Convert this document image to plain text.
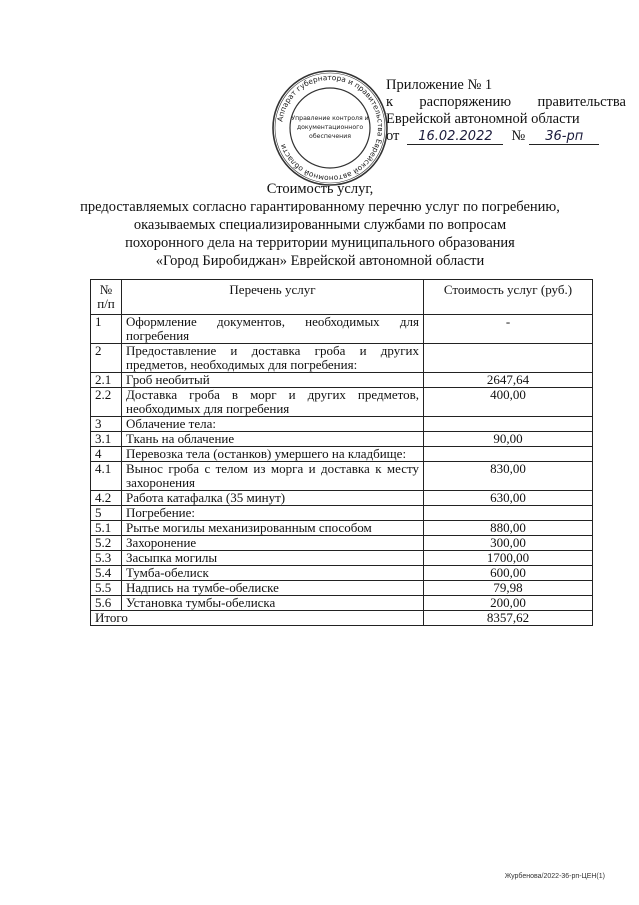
Аппарат губернатора и правительства Еврейской автономной области
Управление контроля и
документационного
обеспечения
Приложение № 1
к распоряжению правительства
Еврейской автономной области
от	16.02.2022	№	36-рп
Стоимость услуг,
предоставляемых согласно гарантированному перечню услуг по погребению,
оказываемых специализированными службами по вопросам
похоронного дела на территории муниципального образования
«Город Биробиджан» Еврейской автономной области
№ п/п	Перечень услуг	Стоимость услуг (руб.)
1	Оформление документов, необходимых для погребения	-
2	Предоставление и доставка гроба и других предметов, необходимых для погребения:	
2.1	Гроб необитый	2647,64
2.2	Доставка гроба в морг и других предметов, необходимых для погребения	400,00
3	Облачение тела:	
3.1	Ткань на облачение	90,00
4	Перевозка тела (останков) умершего на кладбище:	
4.1	Вынос гроба с телом из морга и доставка к месту захоронения	830,00
4.2	Работа катафалка (35 минут)	630,00
5	Погребение:	
5.1	Рытье могилы механизированным способом	880,00
5.2	Захоронение	300,00
5.3	Засыпка могилы	1700,00
5.4	Тумба-обелиск	600,00
5.5	Надпись на тумбе-обелиске	79,98
5.6	Установка тумбы-обелиска	200,00
Итого		8357,62
Журбенова/2022-36-рп-ЦЕН(1)
